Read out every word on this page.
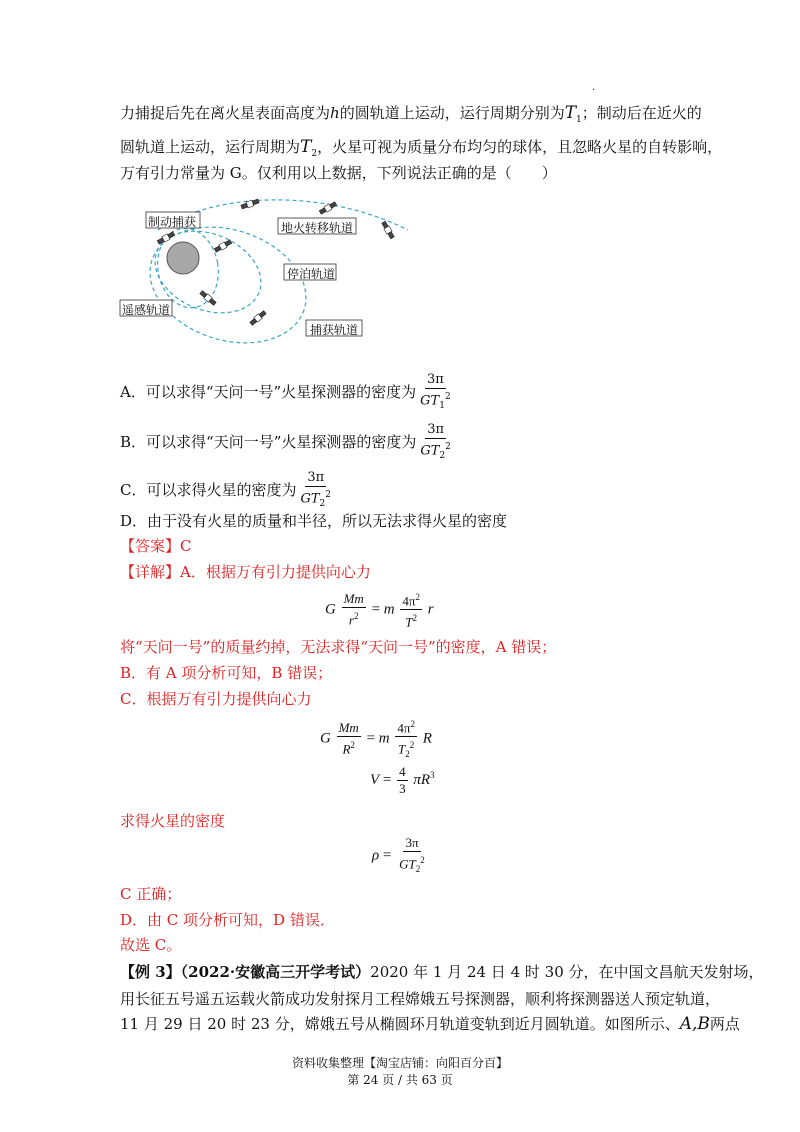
·
力捕捉后先在离火星表面高度为h的圆轨道上运动，运行周期分别为$T_1$；制动后在近火的
圆轨道上运动，运行周期为$T_2$，火星可视为质量分布均匀的球体，且忽略火星的自转影响，
万有引力常量为 G。仅利用以上数据，下列说法正确的是（　　）
制动捕获	地火转移轨道
停泊轨道
遥感轨道
捕获轨道
A．可以求得“天问一号”火星探测器的密度为 $\frac{3\pi}{GT_1^2}$
B．可以求得“天问一号”火星探测器的密度为 $\frac{3\pi}{GT_2^2}$
C．可以求得火星的密度为 $\frac{3\pi}{GT_2^2}$
D．由于没有火星的质量和半径，所以无法求得火星的密度
【答案】C
【详解】A．根据万有引力提供向心力
G $\frac{Mm}{r^2} = m \frac{4\pi^2}{T^2}$ r
将“天问一号”的质量约掉，无法求得“天问一号”的密度，A 错误；
B．有 A 项分析可知，B 错误；
C．根据万有引力提供向心力
G $\frac{Mm}{R^2} = m \frac{4\pi^2}{T_2^2}$ R
$V = \frac{4}{3} \pi R^3$
求得火星的密度
$\rho = \frac{3\pi}{GT_2^2}$
C 正确；
D．由 C 项分析可知，D 错误．
故选 C。
【例 3】（2022·安徽高三开学考试）2020 年 1 月 24 日 4 时 30 分，在中国文昌航天发射场，
用长征五号遥五运载火箭成功发射探月工程嫦娥五号探测器，顺利将探测器送人预定轨道，
11 月 29 日 20 时 23 分，嫦娥五号从椭圆环月轨道变轨到近月圆轨道。如图所示、A,B两点
资料收集整理【淘宝店铺：向阳百分百】
第 24 页 / 共 63 页
